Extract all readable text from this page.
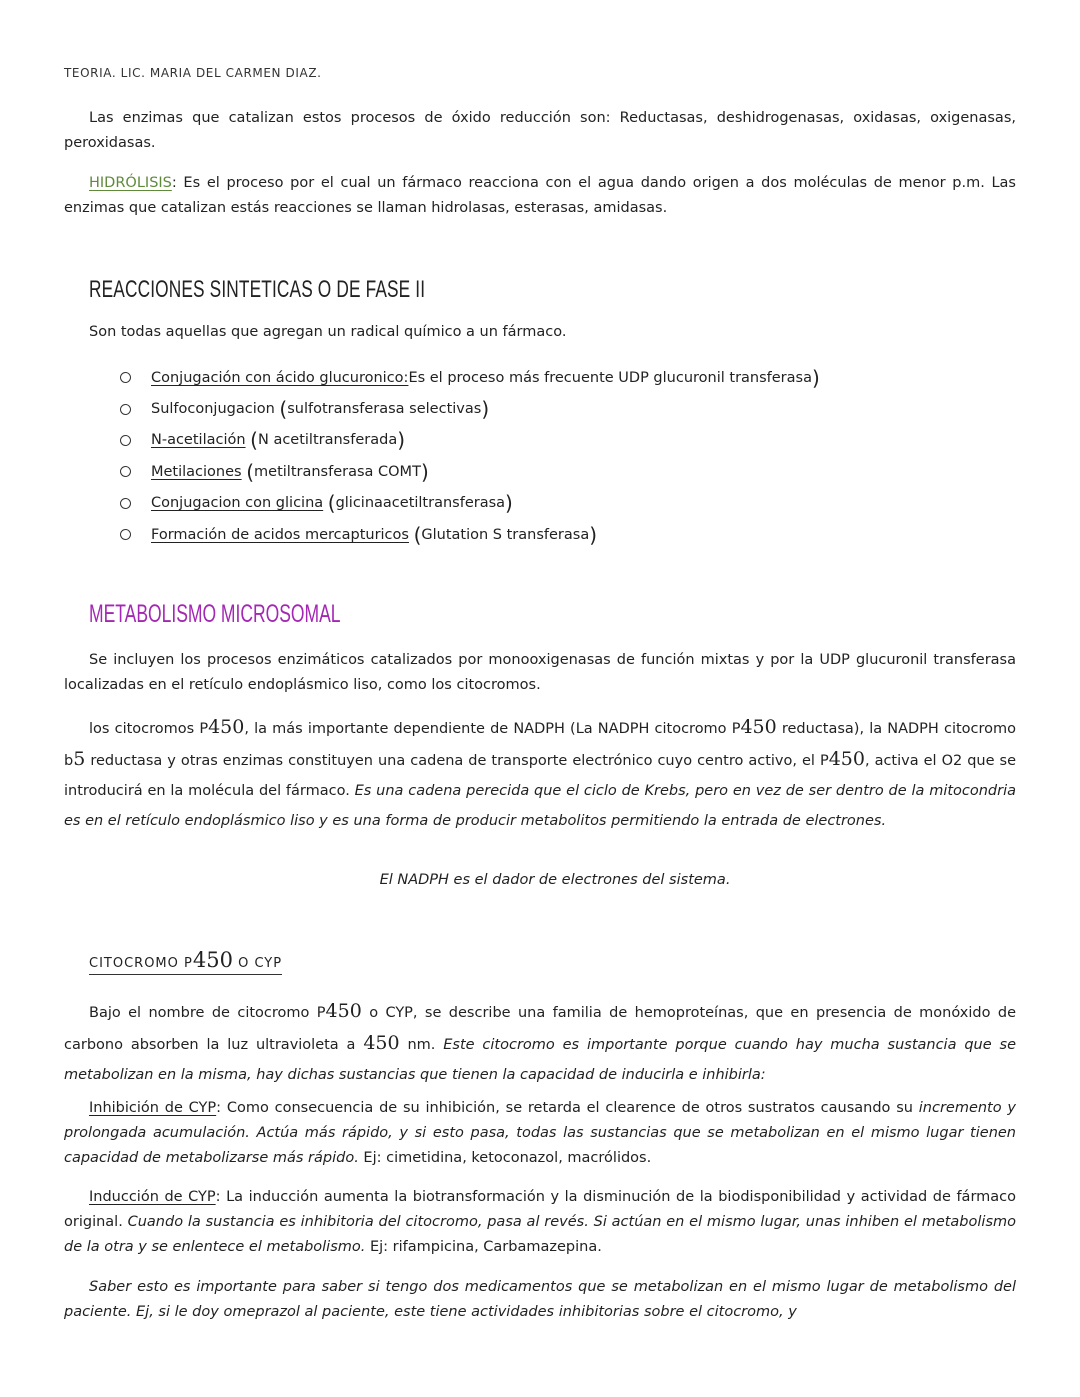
TEORIA. LIC. MARIA DEL CARMEN DIAZ.

Las enzimas que catalizan estos procesos de óxido reducción son: Reductasas, deshidrogenasas, oxidasas, oxigenasas, peroxidasas.

HIDRÓLISIS: Es el proceso por el cual un fármaco reacciona con el agua dando origen a dos moléculas de menor p.m. Las enzimas que catalizan estás reacciones se llaman hidrolasas, esterasas, amidasas.

REACCIONES SINTETICAS O DE FASE II

Son todas aquellas que agregan un radical químico a un fármaco.

Conjugación con ácido glucuronico: Es el proceso más frecuente UDP glucuronil transferasa )
Sulfoconjugacion
( sulfotransferasa selectivas )
N-acetilación
( N acetiltransferada )
Metilaciones
( metiltransferasa COMT )
Conjugacion con glicina
( glicinaacetiltransferasa )
Formación de acidos mercapturicos
( Glutation S transferasa )
METABOLISMO MICROSOMAL

Se incluyen los procesos enzimáticos catalizados por monooxigenasas de función mixtas y por la UDP glucuronil transferasa localizadas en el retículo endoplásmico liso, como los citocromos.

los citocromos P450, la más importante dependiente de NADPH (La NADPH citocromo P450 reductasa), la NADPH citocromo b5 reductasa y otras enzimas constituyen una cadena de transporte electrónico cuyo centro activo, el P450, activa el O2 que se introducirá en la molécula del fármaco. Es una cadena perecida que el ciclo de Krebs, pero en vez de ser dentro de la mitocondria es en el retículo endoplásmico liso y es una forma de producir metabolitos permitiendo la entrada de electrones.

El NADPH es el dador de electrones del sistema.
CITOCROMO P450 O CYP

Bajo el nombre de citocromo P450 o CYP, se describe una familia de hemoproteínas, que en presencia de monóxido de carbono absorben la luz ultravioleta a 450 nm. Este citocromo es importante porque cuando hay mucha sustancia que se metabolizan en la misma, hay dichas sustancias que tienen la capacidad de inducirla e inhibirla:

Inhibición de CYP: Como consecuencia de su inhibición, se retarda el clearence de otros sustratos causando su incremento y prolongada acumulación. Actúa más rápido, y si esto pasa, todas las sustancias que se metabolizan en el mismo lugar tienen capacidad de metabolizarse más rápido. Ej: cimetidina, ketoconazol, macrólidos.

Inducción de CYP: La inducción aumenta la biotransformación y la disminución de la biodisponibilidad y actividad de fármaco original. Cuando la sustancia es inhibitoria del citocromo, pasa al revés. Si actúan en el mismo lugar, unas inhiben el metabolismo de la otra y se enlentece el metabolismo. Ej: rifampicina, Carbamazepina.

Saber esto es importante para saber si tengo dos medicamentos que se metabolizan en el mismo lugar de metabolismo del paciente. Ej, si le doy omeprazol al paciente, este tiene actividades inhibitorias sobre el citocromo, y
